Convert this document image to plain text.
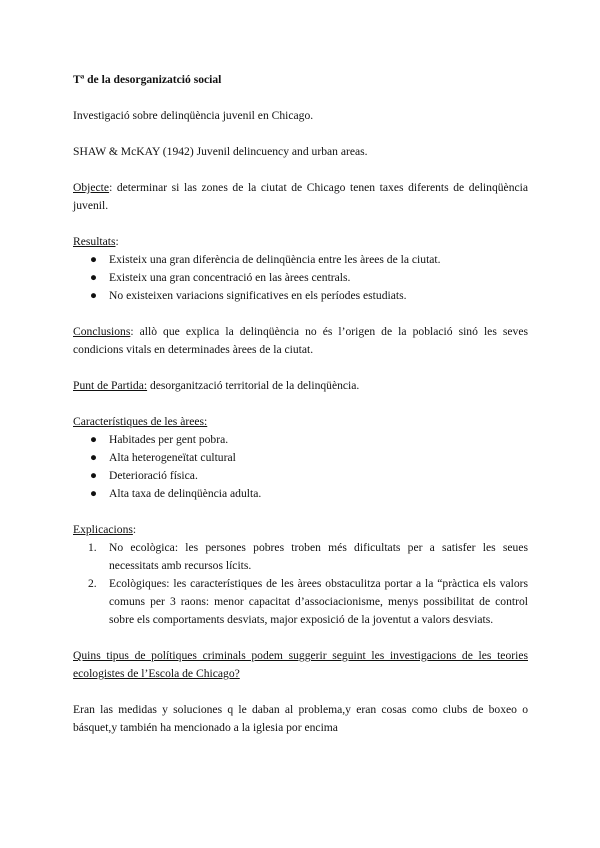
Tª de la desorganizatció social

Investigació sobre delinqüència juvenil en Chicago.

SHAW & McKAY (1942) Juvenil delincuency and urban areas.

Objecte: determinar si las zones de la ciutat de Chicago tenen taxes diferents de delinqüència juvenil.

Resultats:
● Existeix una gran diferència de delinqüència entre les àrees de la ciutat.
● Existeix una gran concentració en las àrees centrals.
● No existeixen variacions significatives en els períodes estudiats.

Conclusions: allò que explica la delinqüència no és l’origen de la població sinó les seves condicions vitals en determinades àrees de la ciutat.

Punt de Partida: desorganització territorial de la delinqüència.

Característiques de les àrees:
● Habitades per gent pobra.
● Alta heterogeneïtat cultural
● Deterioració física.
● Alta taxa de delinqüència adulta.
Explicacions:
1. No ecològica: les persones pobres troben més dificultats per a satisfer les seues necessitats amb recursos lícits.
2. Ecològiques: les característiques de les àrees obstaculitza portar a la “pràctica els valors comuns per 3 raons: menor capacitat d’associacionisme, menys possibilitat de control sobre els comportaments desviats, major exposició de la joventut a valors desviats.
Quins tipus de polítiques criminals podem suggerir seguint les investigacions de les teories ecologistes de l’Escola de Chicago?

Eran las medidas y soluciones q le daban al problema,y eran cosas como clubs de boxeo o básquet,y también ha mencionado a la iglesia por encima
